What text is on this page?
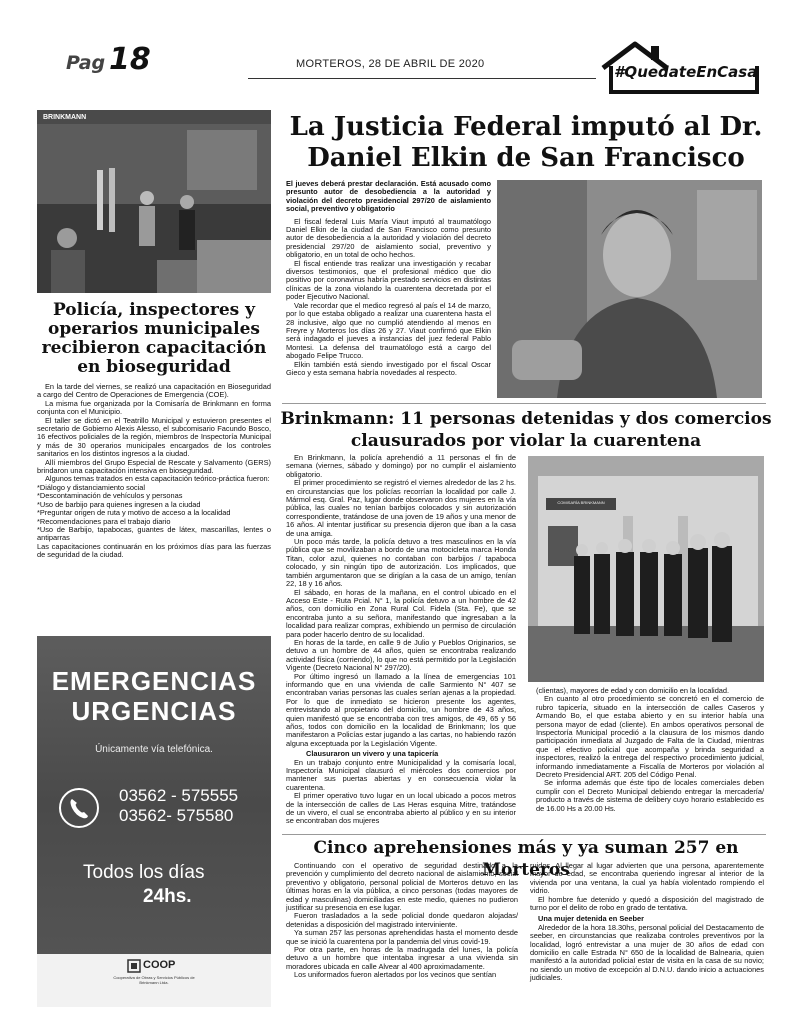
Pag 18	MORTEROS, 28 DE ABRIL DE 2020	#QuedateEnCasa
BRINKMANN
Policía, inspectores y operarios municipales recibieron capacitación en bioseguridad

En la tarde del viernes, se realizó una capacitación en Bioseguridad a cargo del Centro de Operaciones de Emergencia (COE).

La misma fue organizada por la Comisaría de Brinkmann en forma conjunta con el Municipio.

El taller se dictó en el Teatrillo Municipal y estuvieron presentes el secretario de Gobierno Alexis Alesso, el subcomisario Facundo Bosco, 16 efectivos policiales de la región, miembros de Inspectoría Municipal y más de 30 operarios municipales encargados de los controles sanitarios en los distintos ingresos a la ciudad.

Allí miembros del Grupo Especial de Rescate y Salvamento (GERS) brindaron una capacitación intensiva en bioseguridad.

Algunos temas tratados en esta capacitación teórico-práctica fueron:

*Diálogo y distanciamiento social

*Descontaminación de vehículos y personas

*Uso de barbijo para quienes ingresen a la ciudad

*Preguntar origen de ruta y motivo de acceso a la localidad

*Recomendaciones para el trabajo diario

*Uso de Barbijo, tapabocas, guantes de látex, mascarillas, lentes o antiparras

Las capacitaciones continuarán en los próximos días para las fuerzas de seguridad de la ciudad.

EMERGENCIAS
URGENCIAS
Únicamente vía telefónica.
03562 - 575555
03562- 575580
Todos los días
24hs.
COOP
Cooperativa de Obras y Servicios Públicos de Brinkmann Ltda.
La Justicia Federal imputó al Dr. Daniel Elkin de San Francisco

El jueves deberá prestar declaración. Está acusado como presunto autor de desobediencia a la autoridad y violación del decreto presidencial 297/20 de aislamiento social, preventivo y obligatorio

El fiscal federal Luis María Viaut imputó al traumatólogo Daniel Elkin de la ciudad de San Francisco como presunto autor de desobediencia a la autoridad y violación del decreto presidencial 297/20 de aislamiento social, preventivo y obligatorio, en un total de ocho hechos.

El fiscal entiende tras realizar una investigación y recabar diversos testimonios, que el profesional médico que dio positivo por coronavirus habría prestado servicios en distintas clínicas de la zona violando la cuarentena decretada por el poder Ejecutivo Nacional.

Vale recordar que el medico regresó al país el 14 de marzo, por lo que estaba obligado a realizar una cuarentena hasta el 28 inclusive, algo que no cumplió atendiendo al menos en Freyre y Morteros los días 26 y 27. Viaut confirmó que Elkin será indagado el jueves a instancias del juez federal Pablo Montesi. La defensa del traumatólogo está a cargo del abogado Felipe Trucco.

Elkin también está siendo investigado por el fiscal Oscar Gieco y esta semana habría novedades al respecto.

Brinkmann: 11 personas detenidas y dos comercios clausurados por violar la cuarentena

En Brinkmann, la policía aprehendió a 11 personas el fin de semana (viernes, sábado y domingo) por no cumplir el aislamiento obligatorio.

El primer procedimiento se registró el viernes alrededor de las 2 hs. en circunstancias que los policías recorrían la localidad por calle J. Mármol esq. Gral. Paz, lugar donde observaron dos mujeres en la vía pública, las cuales no tenían barbijos colocados y sin autorización correspondiente, tratándose de una joven de 19 años y una menor de 16 años. Al intentar justificar su presencia dijeron que iban a la casa de una amiga.

Un poco más tarde, la policía detuvo a tres masculinos en la vía pública que se movilizaban a bordo de una motocicleta marca Honda Titan, color azul, quienes no contaban con barbijos / tapaboca colocado, y sin ningún tipo de autorización. Los implicados, que también argumentaron que se dirigían a la casa de un amigo, tenían 22, 18 y 16 años.

El sábado, en horas de la mañana, en el control ubicado en el Acceso Este - Ruta Pcial. N° 1, la policía detuvo a un hombre de 42 años, con domicilio en Zona Rural Col. Fidela (Sta. Fe), que se encontraba junto a su señora, manifestando que ingresaban a la localidad para realizar compras, exhibiendo un permiso de circulación para poder hacerlo dentro de su localidad.

En horas de la tarde, en calle 9 de Julio y Pueblos Originarios, se detuvo a un hombre de 44 años, quien se encontraba realizando actividad física (corriendo), lo que no está permitido por la Legislación Vigente (Decreto Nacional N° 297/20).

Por último ingresó un llamado a la línea de emergencias 101 informando que en una vivienda de calle Sarmiento N° 407 se encontraban varias personas las cuales serían ajenas a la propiedad. Por lo que de inmediato se hicieron presente los agentes, entrevistando al propietario del domicilio, un hombre de 43 años, quien manifestó que se encontraba con tres amigos, de 49, 65 y 56 años, todos con domicilio en la localidad de Brinkmann; los que manifestaron a Policías estar jugando a las cartas, no habiendo razón alguna exceptuada por la Legislación Vigente.

Clausuraron un vivero y una tapicería

En un trabajo conjunto entre Municipalidad y la comisaría local, Inspectoría Municipal clausuró el miércoles dos comercios por mantener sus puertas abiertas y en consecuencia violar la cuarentena.

El primer operativo tuvo lugar en un local ubicado a pocos metros de la intersección de calles de Las Heras esquina Mitre, tratándose de un vivero, el cual se encontraba abierto al público y en su interior se encontraban dos mujeres

COMISARÍA BRINKMANN

(clientas), mayores de edad y con domicilio en la localidad.

En cuanto al otro procedimiento se concretó en el comercio de rubro tapicería, situado en la intersección de calles Caseros y Armando Bo, el que estaba abierto y en su interior había una persona mayor de edad (cliente). En ambos operativos personal de Inspectoría Municipal procedió a la clausura de los mismos dando participación inmediata al Juzgado de Falta de la Ciudad, mientras que el efectivo policial que acompaña y brinda seguridad a inspectores, realizó la entrega del respectivo procedimiento judicial, informando inmediatamente a Fiscalía de Morteros por violación al Decreto Presidencial ART. 205 del Código Penal.

Se informa además que éste tipo de locales comerciales deben cumplir con el Decreto Municipal debiendo entregar la mercadería/ producto a través de sistema de delibery cuyo horario establecido es de 16.00 Hs a 20.00 Hs.

Cinco aprehensiones más y ya suman 257 en Morteros

Continuando con el operativo de seguridad destinado a la prevención y cumplimiento del decreto nacional de aislamiento, social preventivo y obligatorio, personal policial de Morteros detuvo en las últimas horas en la vía pública, a cinco personas (todas mayores de edad y masculinas) domiciliadas en este medio, quienes no pudieron justificar su presencia en ese lugar.

Fueron trasladados a la sede policial donde quedaron alojadas/ detenidas a disposición del magistrado interviniente.

Ya suman 257 las personas aprehendidas hasta el momento desde que se inició la cuarentena por la pandemia del virus covid-19.

Por otra parte, en horas de la madrugada del lunes, la policía detuvo a un hombre que intentaba ingresar a una vivienda sin moradores ubicada en calle Alvear al 400 aproximadamente.

Los uniformados fueron alertados por los vecinos que sentían

ruidos. Al llegar al lugar advierten que una persona, aparentemente mayor de edad, se encontraba queriendo ingresar al interior de la vivienda por una ventana, la cual ya había violentado rompiendo el vidrio.

El hombre fue detenido y quedó a disposición del magistrado de turno por el delito de robo en grado de tentativa.

Una mujer detenida en Seeber

Alrededor de la hora 18.30hs, personal policial del Destacamento de seeber, en circunstancias que realizaba controles preventivos por la localidad, logró entrevistar a una mujer de 30 años de edad con domicilio en calle Estrada N° 650 de la localidad de Balnearia, quien manifestó a la autoridad policial estar de visita en la casa de su novio; no siendo un motivo de excepción al D.N.U. dando inicio a actuaciones judiciales.
